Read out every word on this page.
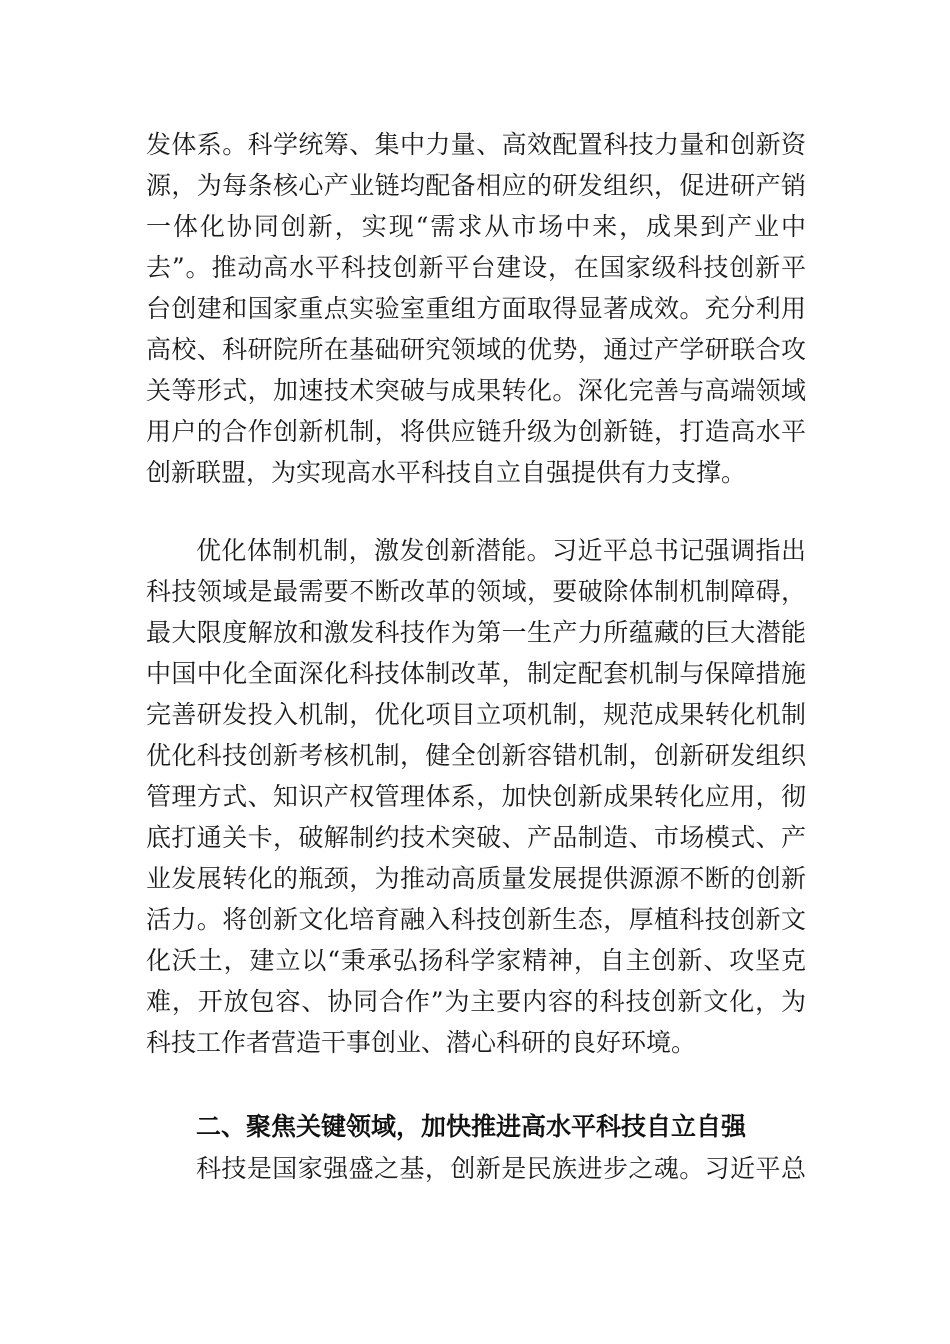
发体系。科学统筹、集中力量、高效配置科技力量和创新资
源，为每条核心产业链均配备相应的研发组织，促进研产销
一体化协同创新，实现“需求从市场中来，成果到产业中
去”。推动高水平科技创新平台建设，在国家级科技创新平
台创建和国家重点实验室重组方面取得显著成效。充分利用
高校、科研院所在基础研究领域的优势，通过产学研联合攻
关等形式，加速技术突破与成果转化。深化完善与高端领域
用户的合作创新机制，将供应链升级为创新链，打造高水平
创新联盟，为实现高水平科技自立自强提供有力支撑。
优化体制机制，激发创新潜能。习近平总书记强调指出
科技领域是最需要不断改革的领域，要破除体制机制障碍，
最大限度解放和激发科技作为第一生产力所蕴藏的巨大潜能
中国中化全面深化科技体制改革，制定配套机制与保障措施
完善研发投入机制，优化项目立项机制，规范成果转化机制
优化科技创新考核机制，健全创新容错机制，创新研发组织
管理方式、知识产权管理体系，加快创新成果转化应用，彻
底打通关卡，破解制约技术突破、产品制造、市场模式、产
业发展转化的瓶颈，为推动高质量发展提供源源不断的创新
活力。将创新文化培育融入科技创新生态，厚植科技创新文
化沃土，建立以“秉承弘扬科学家精神，自主创新、攻坚克
难，开放包容、协同合作”为主要内容的科技创新文化，为
科技工作者营造干事创业、潜心科研的良好环境。
二、聚焦关键领域，加快推进高水平科技自立自强
科技是国家强盛之基，创新是民族进步之魂。习近平总
